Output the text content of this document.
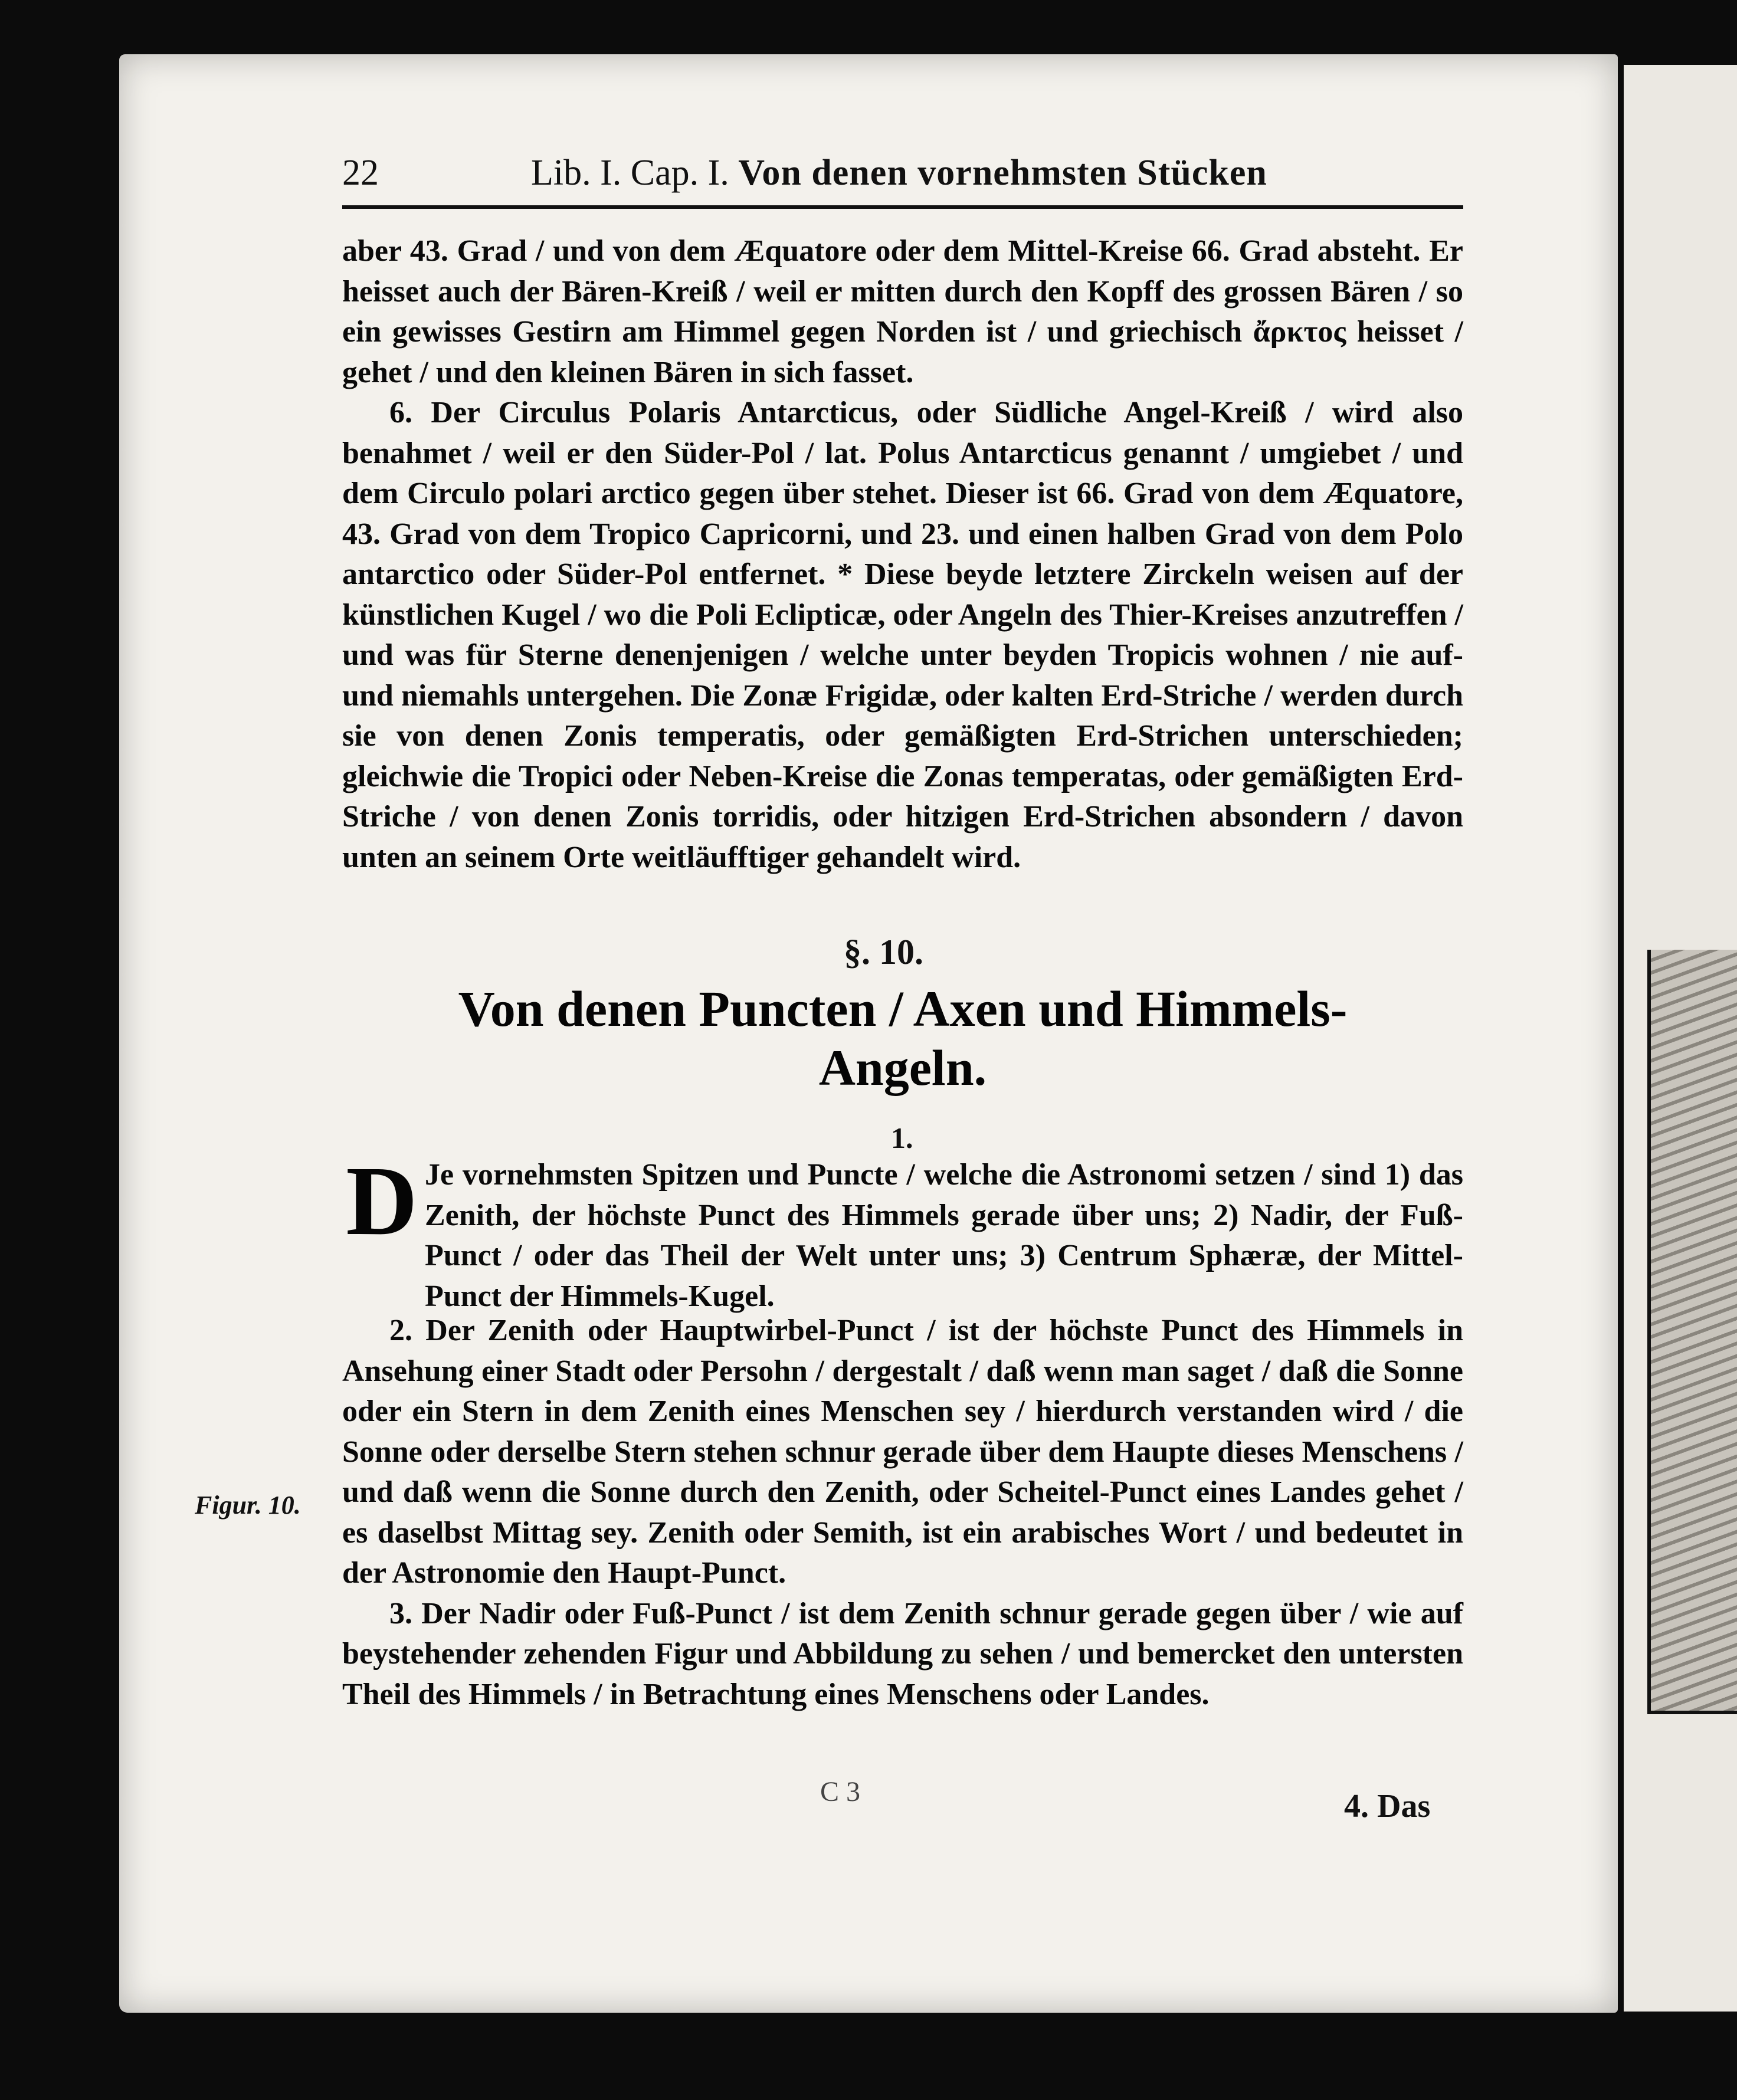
22	Lib. I. Cap. I. Von denen vornehmsten Stücken

aber 43. Grad / und von dem Æquatore oder dem Mittel-Kreise 66. Grad absteht. Er heisset auch der Bären-Kreiß / weil er mitten durch den Kopff des grossen Bären / so ein gewisses Gestirn am Himmel gegen Norden ist / und griechisch ἄρκτος heisset / gehet / und den kleinen Bären in sich fasset.

6. Der Circulus Polaris Antarcticus, oder Südliche Angel-Kreiß / wird also benahmet / weil er den Süder-Pol / lat. Polus Antarcticus genannt / umgiebet / und dem Circulo polari arctico gegen über stehet. Dieser ist 66. Grad von dem Æquatore, 43. Grad von dem Tropico Capricorni, und 23. und einen halben Grad von dem Polo antarctico oder Süder-Pol entfernet. * Diese beyde letztere Zirckeln weisen auf der künstlichen Kugel / wo die Poli Eclipticæ, oder Angeln des Thier-Kreises anzutreffen / und was für Sterne denenjenigen / welche unter beyden Tropicis wohnen / nie auf- und niemahls untergehen. Die Zonæ Frigidæ, oder kalten Erd-Striche / werden durch sie von denen Zonis temperatis, oder gemäßigten Erd-Strichen unterschieden; gleichwie die Tropici oder Neben-Kreise die Zonas temperatas, oder gemäßigten Erd-Striche / von denen Zonis torridis, oder hitzigen Erd-Strichen absondern / davon unten an seinem Orte weitläufftiger gehandelt wird.

§. 10.
Von denen Puncten / Axen und Himmels-Angeln.
1.
D Je vornehmsten Spitzen und Puncte / welche die Astronomi setzen / sind 1) das Zenith, der höchste Punct des Himmels gerade über uns; 2) Nadir, der Fuß-Punct / oder das Theil der Welt unter uns; 3) Centrum Sphæræ, der Mittel-Punct der Himmels-Kugel.
Figur. 10.

2. Der Zenith oder Hauptwirbel-Punct / ist der höchste Punct des Himmels in Ansehung einer Stadt oder Persohn / dergestalt / daß wenn man saget / daß die Sonne oder ein Stern in dem Zenith eines Menschen sey / hierdurch verstanden wird / die Sonne oder derselbe Stern stehen schnur gerade über dem Haupte dieses Menschens / und daß wenn die Sonne durch den Zenith, oder Scheitel-Punct eines Landes gehet / es daselbst Mittag sey. Zenith oder Semith, ist ein arabisches Wort / und bedeutet in der Astronomie den Haupt-Punct.

3. Der Nadir oder Fuß-Punct / ist dem Zenith schnur gerade gegen über / wie auf beystehender zehenden Figur und Abbildung zu sehen / und bemercket den untersten Theil des Himmels / in Betrachtung eines Menschens oder Landes.

C 3	4. Das
